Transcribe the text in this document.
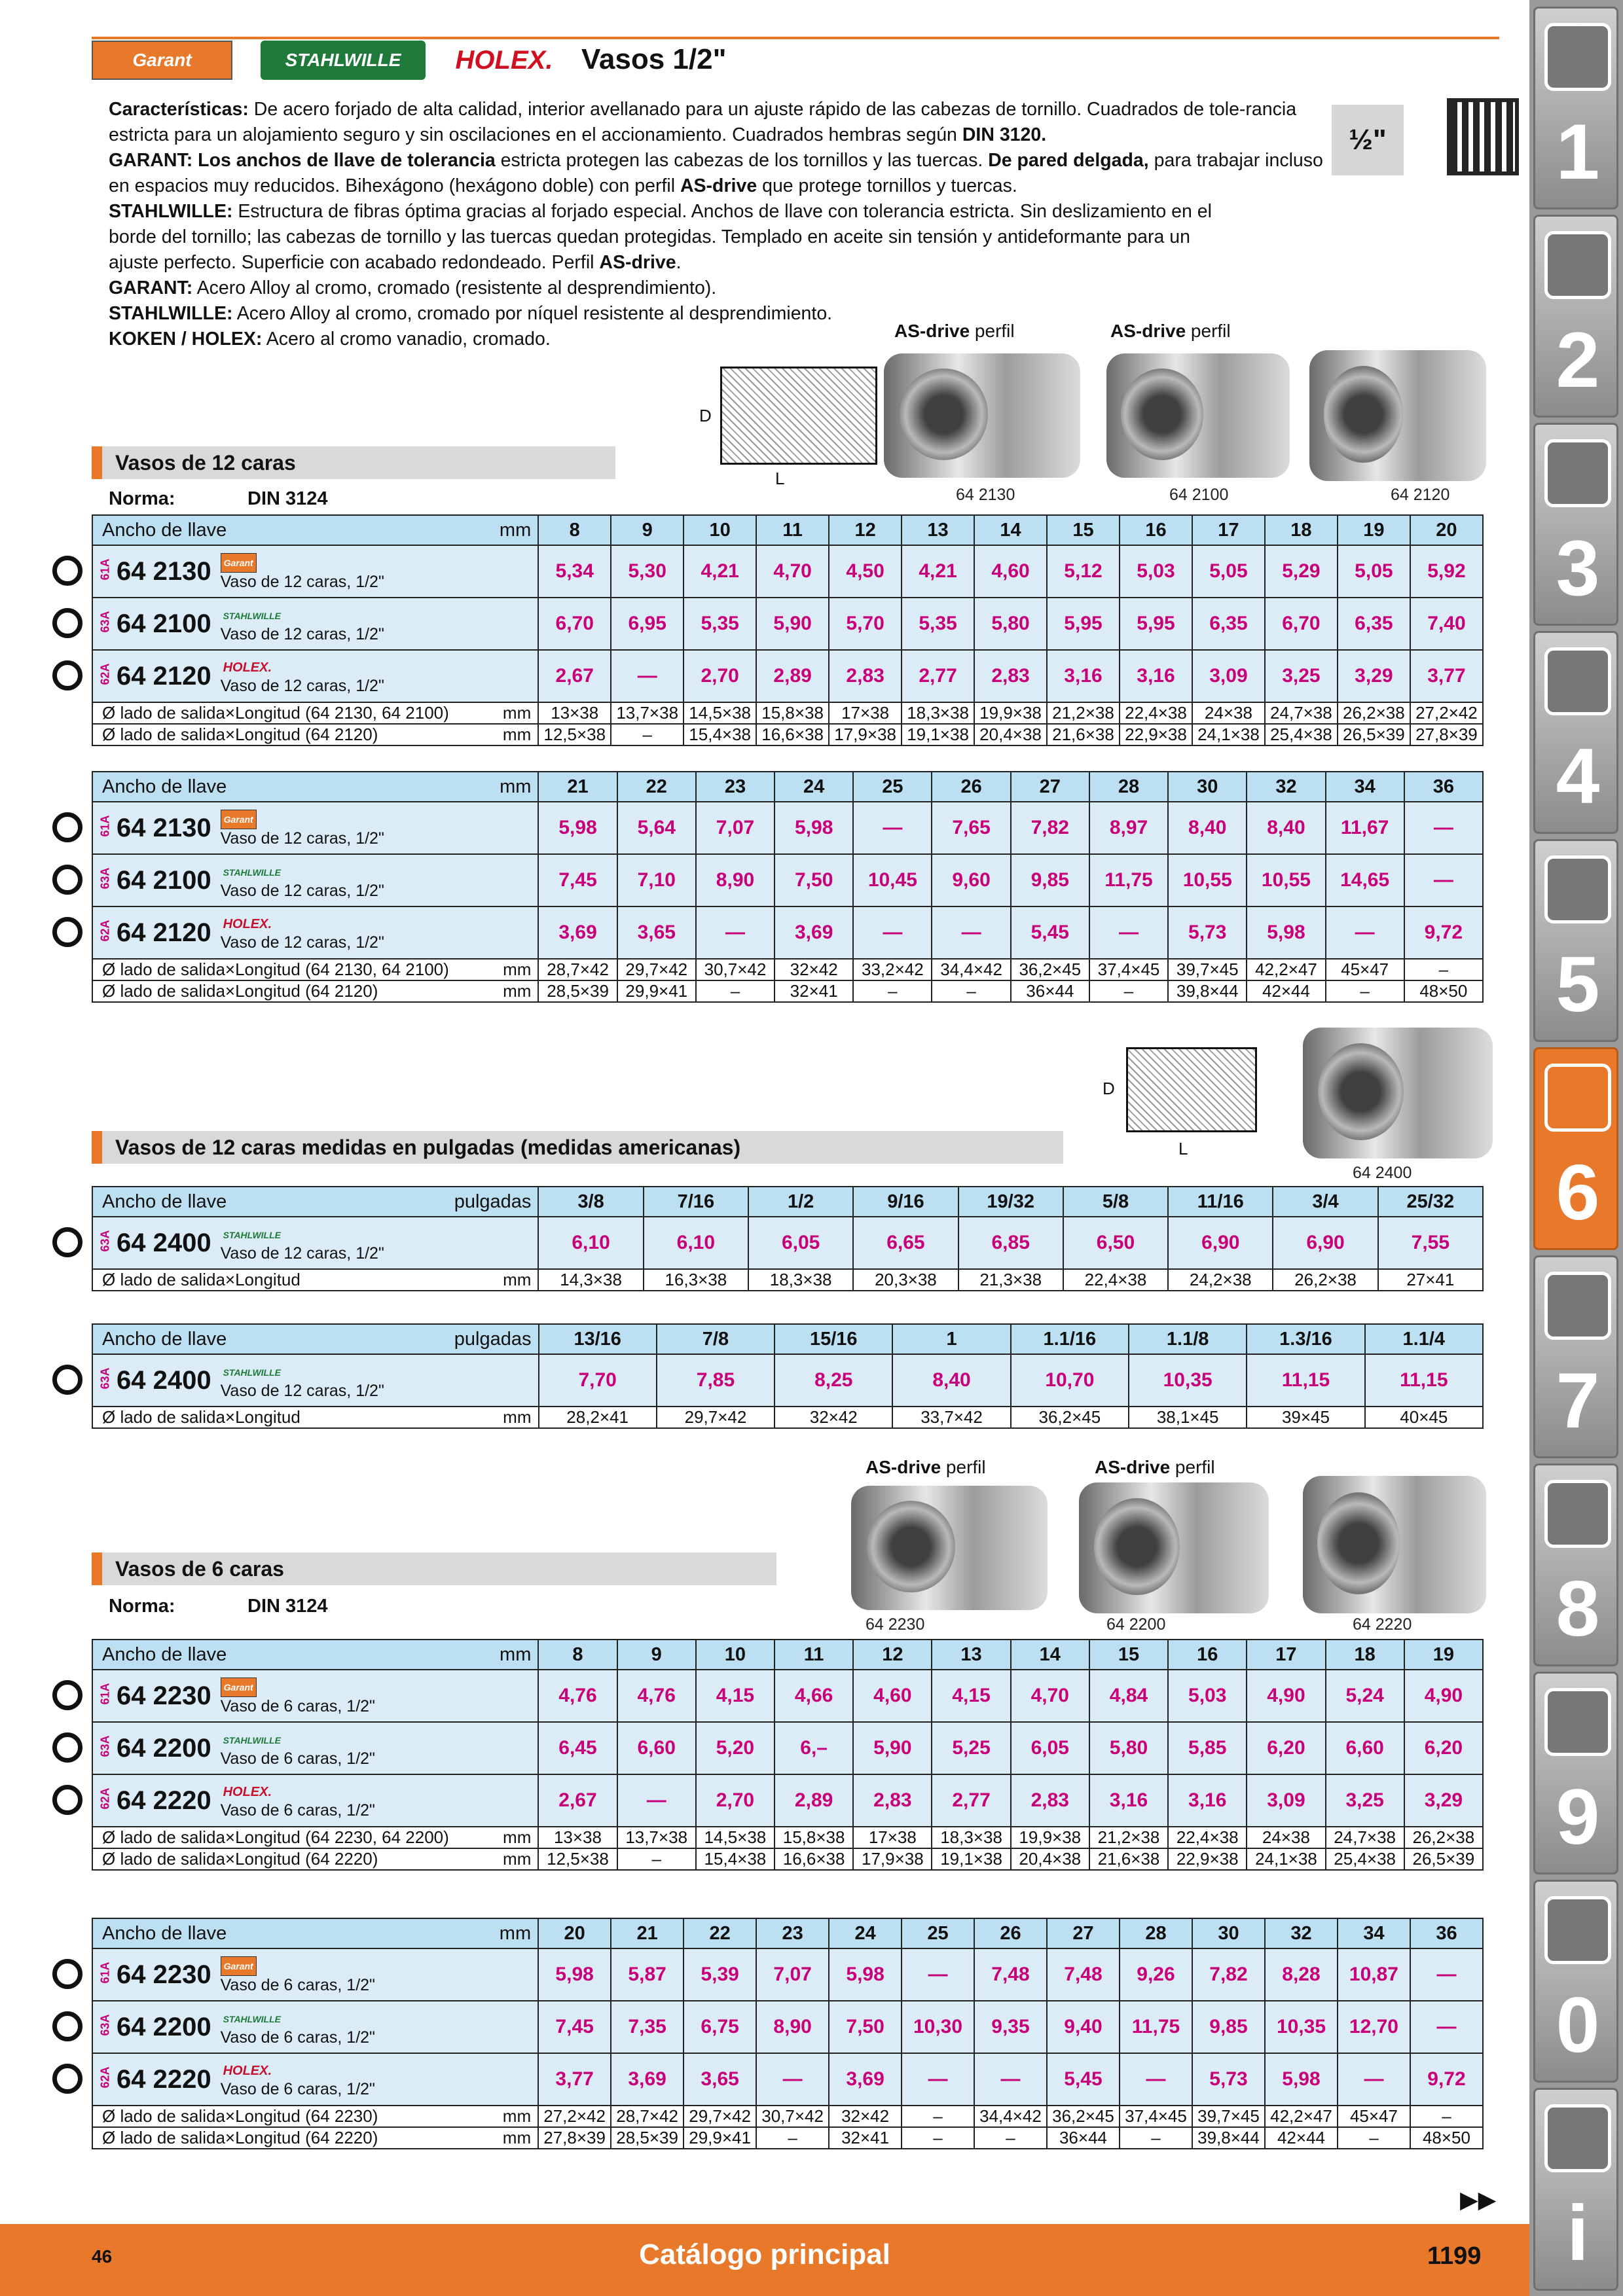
Garant	STAHLWILLE	HOLEX. Vasos 1/2"

Características: De acero forjado de alta calidad, interior avellanado para un ajuste rápido de las cabezas de tornillo. Cuadrados de tole-rancia estricta para un alojamiento seguro y sin oscilaciones en el accionamiento. Cuadrados hembras según DIN 3120.

GARANT: Los anchos de llave de tolerancia estricta protegen las cabezas de los tornillos y las tuercas. De pared delgada, para trabajar incluso en espacios muy reducidos. Bihexágono (hexágono doble) con perfil AS-drive que protege tornillos y tuercas.

STAHLWILLE: Estructura de fibras óptima gracias al forjado especial. Anchos de llave con tolerancia estricta. Sin deslizamiento en el borde del tornillo; las cabezas de tornillo y las tuercas quedan protegidas. Templado en aceite sin tensión y antideformante para un ajuste perfecto. Superficie con acabado redondeado. Perfil AS-drive.

GARANT: Acero Alloy al cromo, cromado (resistente al desprendimiento).

STAHLWILLE: Acero Alloy al cromo, cromado por níquel resistente al desprendimiento.

KOKEN / HOLEX: Acero al cromo vanadio, cromado.

½"
D
L
AS-drive perfil	AS-drive perfil
64 2130	64 2100	64 2120
Vasos de 12 caras
Norma:	DIN 3124
Ancho de llave mm	8	9	10	11	12	13	14	15	16	17	18	19	20
61A 64 2130 Garant
Vaso de 12 caras, 1/2"	5,34	5,30	4,21	4,70	4,50	4,21	4,60	5,12	5,03	5,05	5,29	5,05	5,92
63A 64 2100 STAHLWILLE
Vaso de 12 caras, 1/2"	6,70	6,95	5,35	5,90	5,70	5,35	5,80	5,95	5,95	6,35	6,70	6,35	7,40
62A 64 2120 HOLEX.
Vaso de 12 caras, 1/2"	2,67	—	2,70	2,89	2,83	2,77	2,83	3,16	3,16	3,09	3,25	3,29	3,77
Ø lado de salida×Longitud (64 2130, 64 2100) mm	13×38	13,7×38	14,5×38	15,8×38	17×38	18,3×38	19,9×38	21,2×38	22,4×38	24×38	24,7×38	26,2×38	27,2×42
Ø lado de salida×Longitud (64 2120) mm	12,5×38	–	15,4×38	16,6×38	17,9×38	19,1×38	20,4×38	21,6×38	22,9×38	24,1×38	25,4×38	26,5×39	27,8×39
Ancho de llave mm	21	22	23	24	25	26	27	28	30	32	34	36
61A 64 2130 Garant
Vaso de 12 caras, 1/2"	5,98	5,64	7,07	5,98	—	7,65	7,82	8,97	8,40	8,40	11,67	—
63A 64 2100 STAHLWILLE
Vaso de 12 caras, 1/2"	7,45	7,10	8,90	7,50	10,45	9,60	9,85	11,75	10,55	10,55	14,65	—
62A 64 2120 HOLEX.
Vaso de 12 caras, 1/2"	3,69	3,65	—	3,69	—	—	5,45	—	5,73	5,98	—	9,72
Ø lado de salida×Longitud (64 2130, 64 2100) mm	28,7×42	29,7×42	30,7×42	32×42	33,2×42	34,4×42	36,2×45	37,4×45	39,7×45	42,2×47	45×47	–
Ø lado de salida×Longitud (64 2120) mm	28,5×39	29,9×41	–	32×41	–	–	36×44	–	39,8×44	42×44	–	48×50
D
L
64 2400
Vasos de 12 caras medidas en pulgadas (medidas americanas)
Ancho de llave pulgadas	3/8	7/16	1/2	9/16	19/32	5/8	11/16	3/4	25/32
63A 64 2400 STAHLWILLE
Vaso de 12 caras, 1/2"	6,10	6,10	6,05	6,65	6,85	6,50	6,90	6,90	7,55
Ø lado de salida×Longitud mm	14,3×38	16,3×38	18,3×38	20,3×38	21,3×38	22,4×38	24,2×38	26,2×38	27×41
Ancho de llave pulgadas	13/16	7/8	15/16	1	1.1/16	1.1/8	1.3/16	1.1/4
63A 64 2400 STAHLWILLE
Vaso de 12 caras, 1/2"	7,70	7,85	8,25	8,40	10,70	10,35	11,15	11,15
Ø lado de salida×Longitud mm	28,2×41	29,7×42	32×42	33,7×42	36,2×45	38,1×45	39×45	40×45
AS-drive perfil	AS-drive perfil
64 2230	64 2200	64 2220
Vasos de 6 caras
Norma:	DIN 3124
Ancho de llave mm	8	9	10	11	12	13	14	15	16	17	18	19
61A 64 2230 Garant
Vaso de 6 caras, 1/2"	4,76	4,76	4,15	4,66	4,60	4,15	4,70	4,84	5,03	4,90	5,24	4,90
63A 64 2200 STAHLWILLE
Vaso de 6 caras, 1/2"	6,45	6,60	5,20	6,–	5,90	5,25	6,05	5,80	5,85	6,20	6,60	6,20
62A 64 2220 HOLEX.
Vaso de 6 caras, 1/2"	2,67	—	2,70	2,89	2,83	2,77	2,83	3,16	3,16	3,09	3,25	3,29
Ø lado de salida×Longitud (64 2230, 64 2200) mm	13×38	13,7×38	14,5×38	15,8×38	17×38	18,3×38	19,9×38	21,2×38	22,4×38	24×38	24,7×38	26,2×38
Ø lado de salida×Longitud (64 2220) mm	12,5×38	–	15,4×38	16,6×38	17,9×38	19,1×38	20,4×38	21,6×38	22,9×38	24,1×38	25,4×38	26,5×39
Ancho de llave mm	20	21	22	23	24	25	26	27	28	30	32	34	36
61A 64 2230 Garant
Vaso de 6 caras, 1/2"	5,98	5,87	5,39	7,07	5,98	—	7,48	7,48	9,26	7,82	8,28	10,87	—
63A 64 2200 STAHLWILLE
Vaso de 6 caras, 1/2"	7,45	7,35	6,75	8,90	7,50	10,30	9,35	9,40	11,75	9,85	10,35	12,70	—
62A 64 2220 HOLEX.
Vaso de 6 caras, 1/2"	3,77	3,69	3,65	—	3,69	—	—	5,45	—	5,73	5,98	—	9,72
Ø lado de salida×Longitud (64 2230) mm	27,2×42	28,7×42	29,7×42	30,7×42	32×42	–	34,4×42	36,2×45	37,4×45	39,7×45	42,2×47	45×47	–
Ø lado de salida×Longitud (64 2220) mm	27,8×39	28,5×39	29,9×41	–	32×41	–	–	36×44	–	39,8×44	42×44	–	48×50
▶▶
46	Catálogo principal	1199
1
2
3
4
5
6
7
8
9
0
i
